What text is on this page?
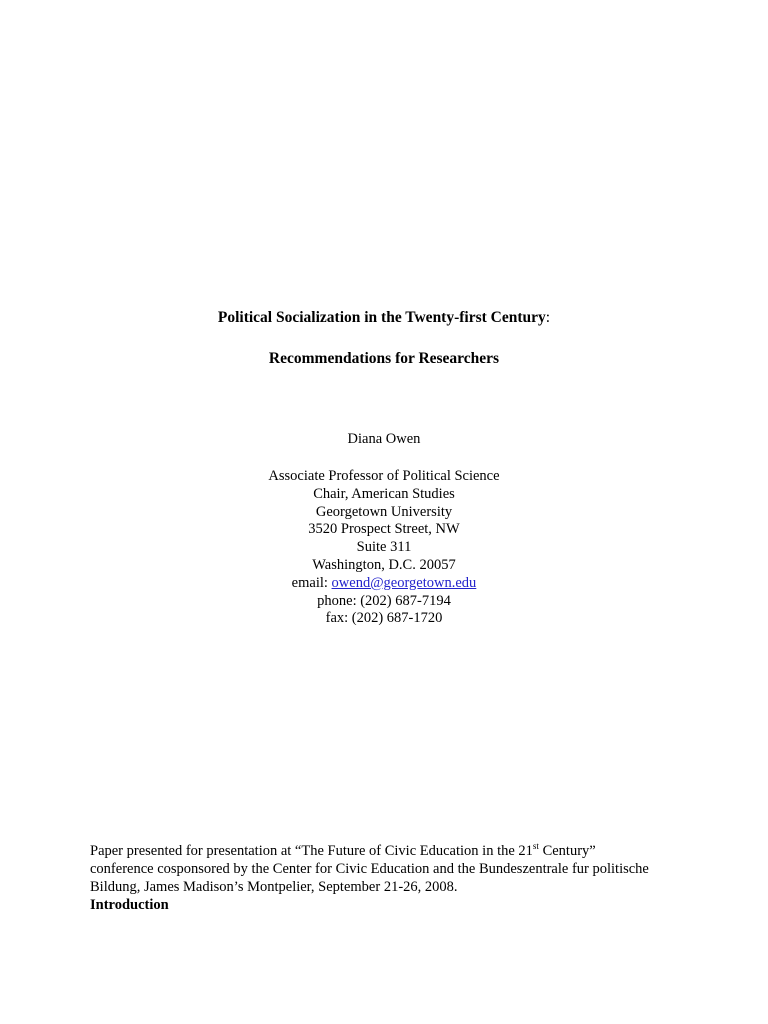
Political Socialization in the Twenty-first Century:
Recommendations for Researchers
Diana Owen
Associate Professor of Political Science
Chair, American Studies
Georgetown University
3520 Prospect Street, NW
Suite 311
Washington, D.C. 20057
email: owend@georgetown.edu
phone: (202) 687-7194
fax: (202) 687-1720
Paper presented for presentation at “The Future of Civic Education in the 21st Century”
conference cosponsored by the Center for Civic Education and the Bundeszentrale fur politische
Bildung, James Madison’s Montpelier, September 21-26, 2008.
Introduction
